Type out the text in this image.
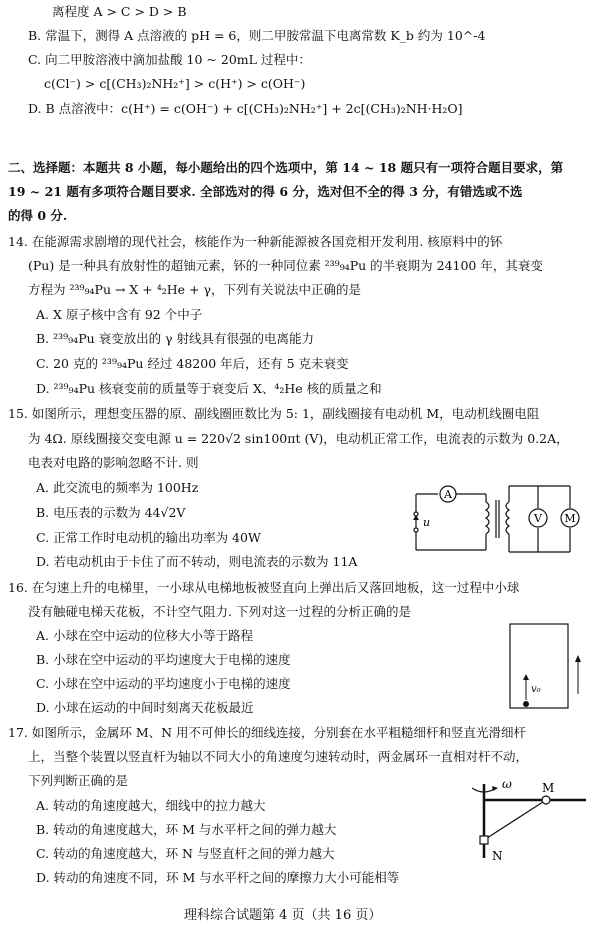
离程度 A > C > D > B
B. 常温下，测得 A 点溶液的 pH = 6，则二甲胺常温下电离常数 K_b 约为 10^-4
C. 向二甲胺溶液中滴加盐酸 10 ~ 20mL 过程中：
c(Cl⁻) > c[(CH₃)₂NH₂⁺] > c(H⁺) > c(OH⁻)
D. B 点溶液中：c(H⁺) = c(OH⁻) + c[(CH₃)₂NH₂⁺] + 2c[(CH₃)₂NH·H₂O]
二、选择题：本题共 8 小题，每小题给出的四个选项中，第 14 ~ 18 题只有一项符合题目要求，第
19 ~ 21 题有多项符合题目要求. 全部选对的得 6 分，选对但不全的得 3 分，有错选或不选
的得 0 分.
14. 在能源需求剧增的现代社会，核能作为一种新能源被各国竞相开发利用. 核原料中的钚
(Pu) 是一种具有放射性的超铀元素，钚的一种同位素 ²³⁹₉₄Pu 的半衰期为 24100 年，其衰变
方程为 ²³⁹₉₄Pu → X + ⁴₂He + γ，下列有关说法中正确的是
A. X 原子核中含有 92 个中子
B. ²³⁹₉₄Pu 衰变放出的 γ 射线具有很强的电离能力
C. 20 克的 ²³⁹₉₄Pu 经过 48200 年后，还有 5 克未衰变
D. ²³⁹₉₄Pu 核衰变前的质量等于衰变后 X、⁴₂He 核的质量之和
15. 如图所示，理想变压器的原、副线圈匝数比为 5: 1，副线圈接有电动机 M，电动机线圈电阻
为 4Ω. 原线圈接交变电源 u = 220√2 sin100πt (V)，电动机正常工作，电流表的示数为 0.2A，
电表对电路的影响忽略不计. 则
A. 此交流电的频率为 100Hz
B. 电压表的示数为 44√2V
C. 正常工作时电动机的输出功率为 40W
D. 若电动机由于卡住了而不转动，则电流表的示数为 11A
A
V M
u
16. 在匀速上升的电梯里，一小球从电梯地板被竖直向上弹出后又落回地板，这一过程中小球
没有触碰电梯天花板，不计空气阻力. 下列对这一过程的分析正确的是
A. 小球在空中运动的位移大小等于路程
B. 小球在空中运动的平均速度大于电梯的速度
C. 小球在空中运动的平均速度小于电梯的速度
D. 小球在运动的中间时刻离天花板最近
v₀
17. 如图所示，金属环 M、N 用不可伸长的细线连接，分别套在水平粗糙细杆和竖直光滑细杆
上，当整个装置以竖直杆为轴以不同大小的角速度匀速转动时，两金属环一直相对杆不动，
下列判断正确的是
A. 转动的角速度越大，细线中的拉力越大
B. 转动的角速度越大，环 M 与水平杆之间的弹力越大
C. 转动的角速度越大，环 N 与竖直杆之间的弹力越大
D. 转动的角速度不同，环 M 与水平杆之间的摩擦力大小可能相等
ω	M
N
理科综合试题第 4 页（共 16 页）
